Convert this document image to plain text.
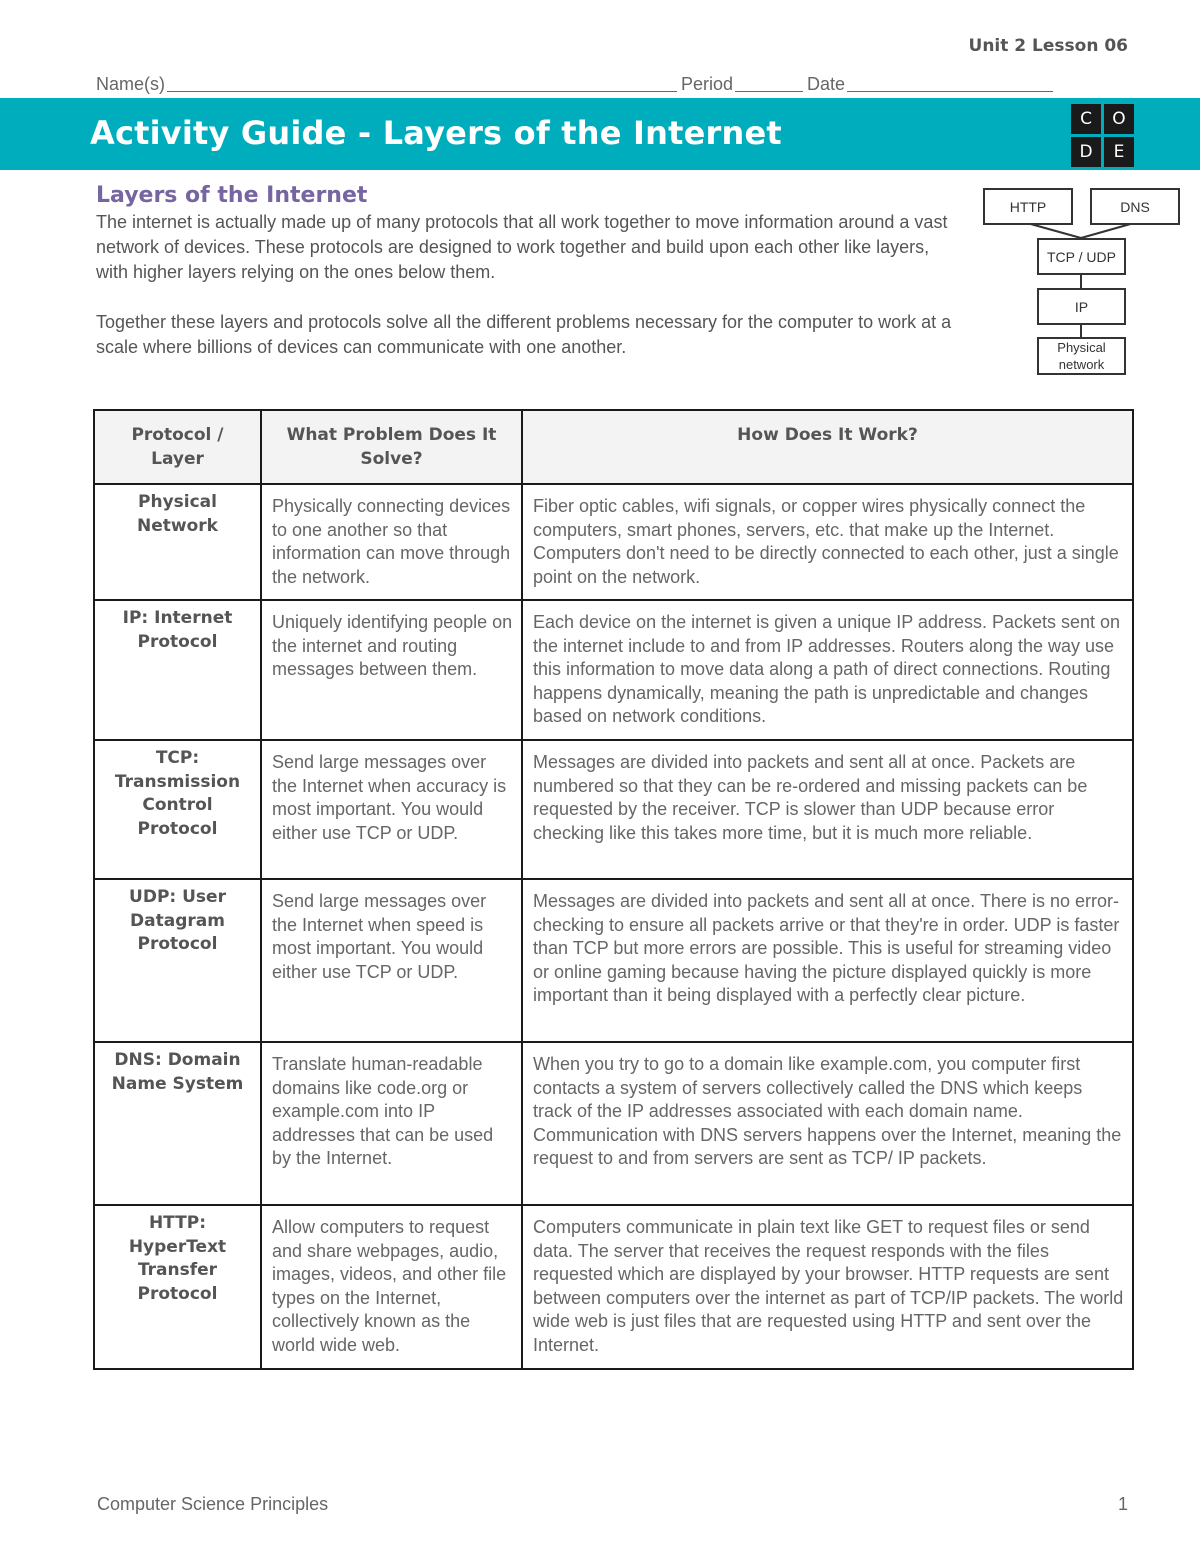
Unit 2 Lesson 06
Name(s)	Period	Date
Activity Guide - Layers of the Internet	C	O
D	E
Layers of the Internet

The internet is actually made up of many protocols that all work together to move information around a vast network of devices. These protocols are designed to work together and build upon each other like layers, with higher layers relying on the ones below them.

Together these layers and protocols solve all the different problems necessary for the computer to work at a scale where billions of devices can communicate with one another.

HTTP	DNS
TCP / UDP
IP
Physical network
Protocol / Layer	What Problem Does It Solve?	How Does It Work?
Physical Network	Physically connecting devices to one another so that information can move through the network.	Fiber optic cables, wifi signals, or copper wires physically connect the computers, smart phones, servers, etc. that make up the Internet. Computers don't need to be directly connected to each other, just a single point on the network.
IP: Internet Protocol	Uniquely identifying people on the internet and routing messages between them.	Each device on the internet is given a unique IP address. Packets sent on the internet include to and from IP addresses. Routers along the way use this information to move data along a path of direct connections. Routing happens dynamically, meaning the path is unpredictable and changes based on network conditions.
TCP: Transmission Control Protocol	Send large messages over the Internet when accuracy is most important. You would either use TCP or UDP.	Messages are divided into packets and sent all at once. Packets are numbered so that they can be re-ordered and missing packets can be requested by the receiver. TCP is slower than UDP because error checking like this takes more time, but it is much more reliable.
UDP: User Datagram Protocol	Send large messages over the Internet when speed is most important. You would either use TCP or UDP.	Messages are divided into packets and sent all at once. There is no error-checking to ensure all packets arrive or that they're in order. UDP is faster than TCP but more errors are possible. This is useful for streaming video or online gaming because having the picture displayed quickly is more important than it being displayed with a perfectly clear picture.
DNS: Domain Name System	Translate human-readable domains like code.org or example.com into IP addresses that can be used by the Internet.	When you try to go to a domain like example.com, you computer first contacts a system of servers collectively called the DNS which keeps track of the IP addresses associated with each domain name. Communication with DNS servers happens over the Internet, meaning the request to and from servers are sent as TCP/ IP packets.
HTTP: HyperText Transfer Protocol	Allow computers to request and share webpages, audio, images, videos, and other file types on the Internet, collectively known as the world wide web.	Computers communicate in plain text like GET to request files or send data. The server that receives the request responds with the files requested which are displayed by your browser. HTTP requests are sent between computers over the internet as part of TCP/IP packets. The world wide web is just files that are requested using HTTP and sent over the Internet.
Computer Science Principles	1
